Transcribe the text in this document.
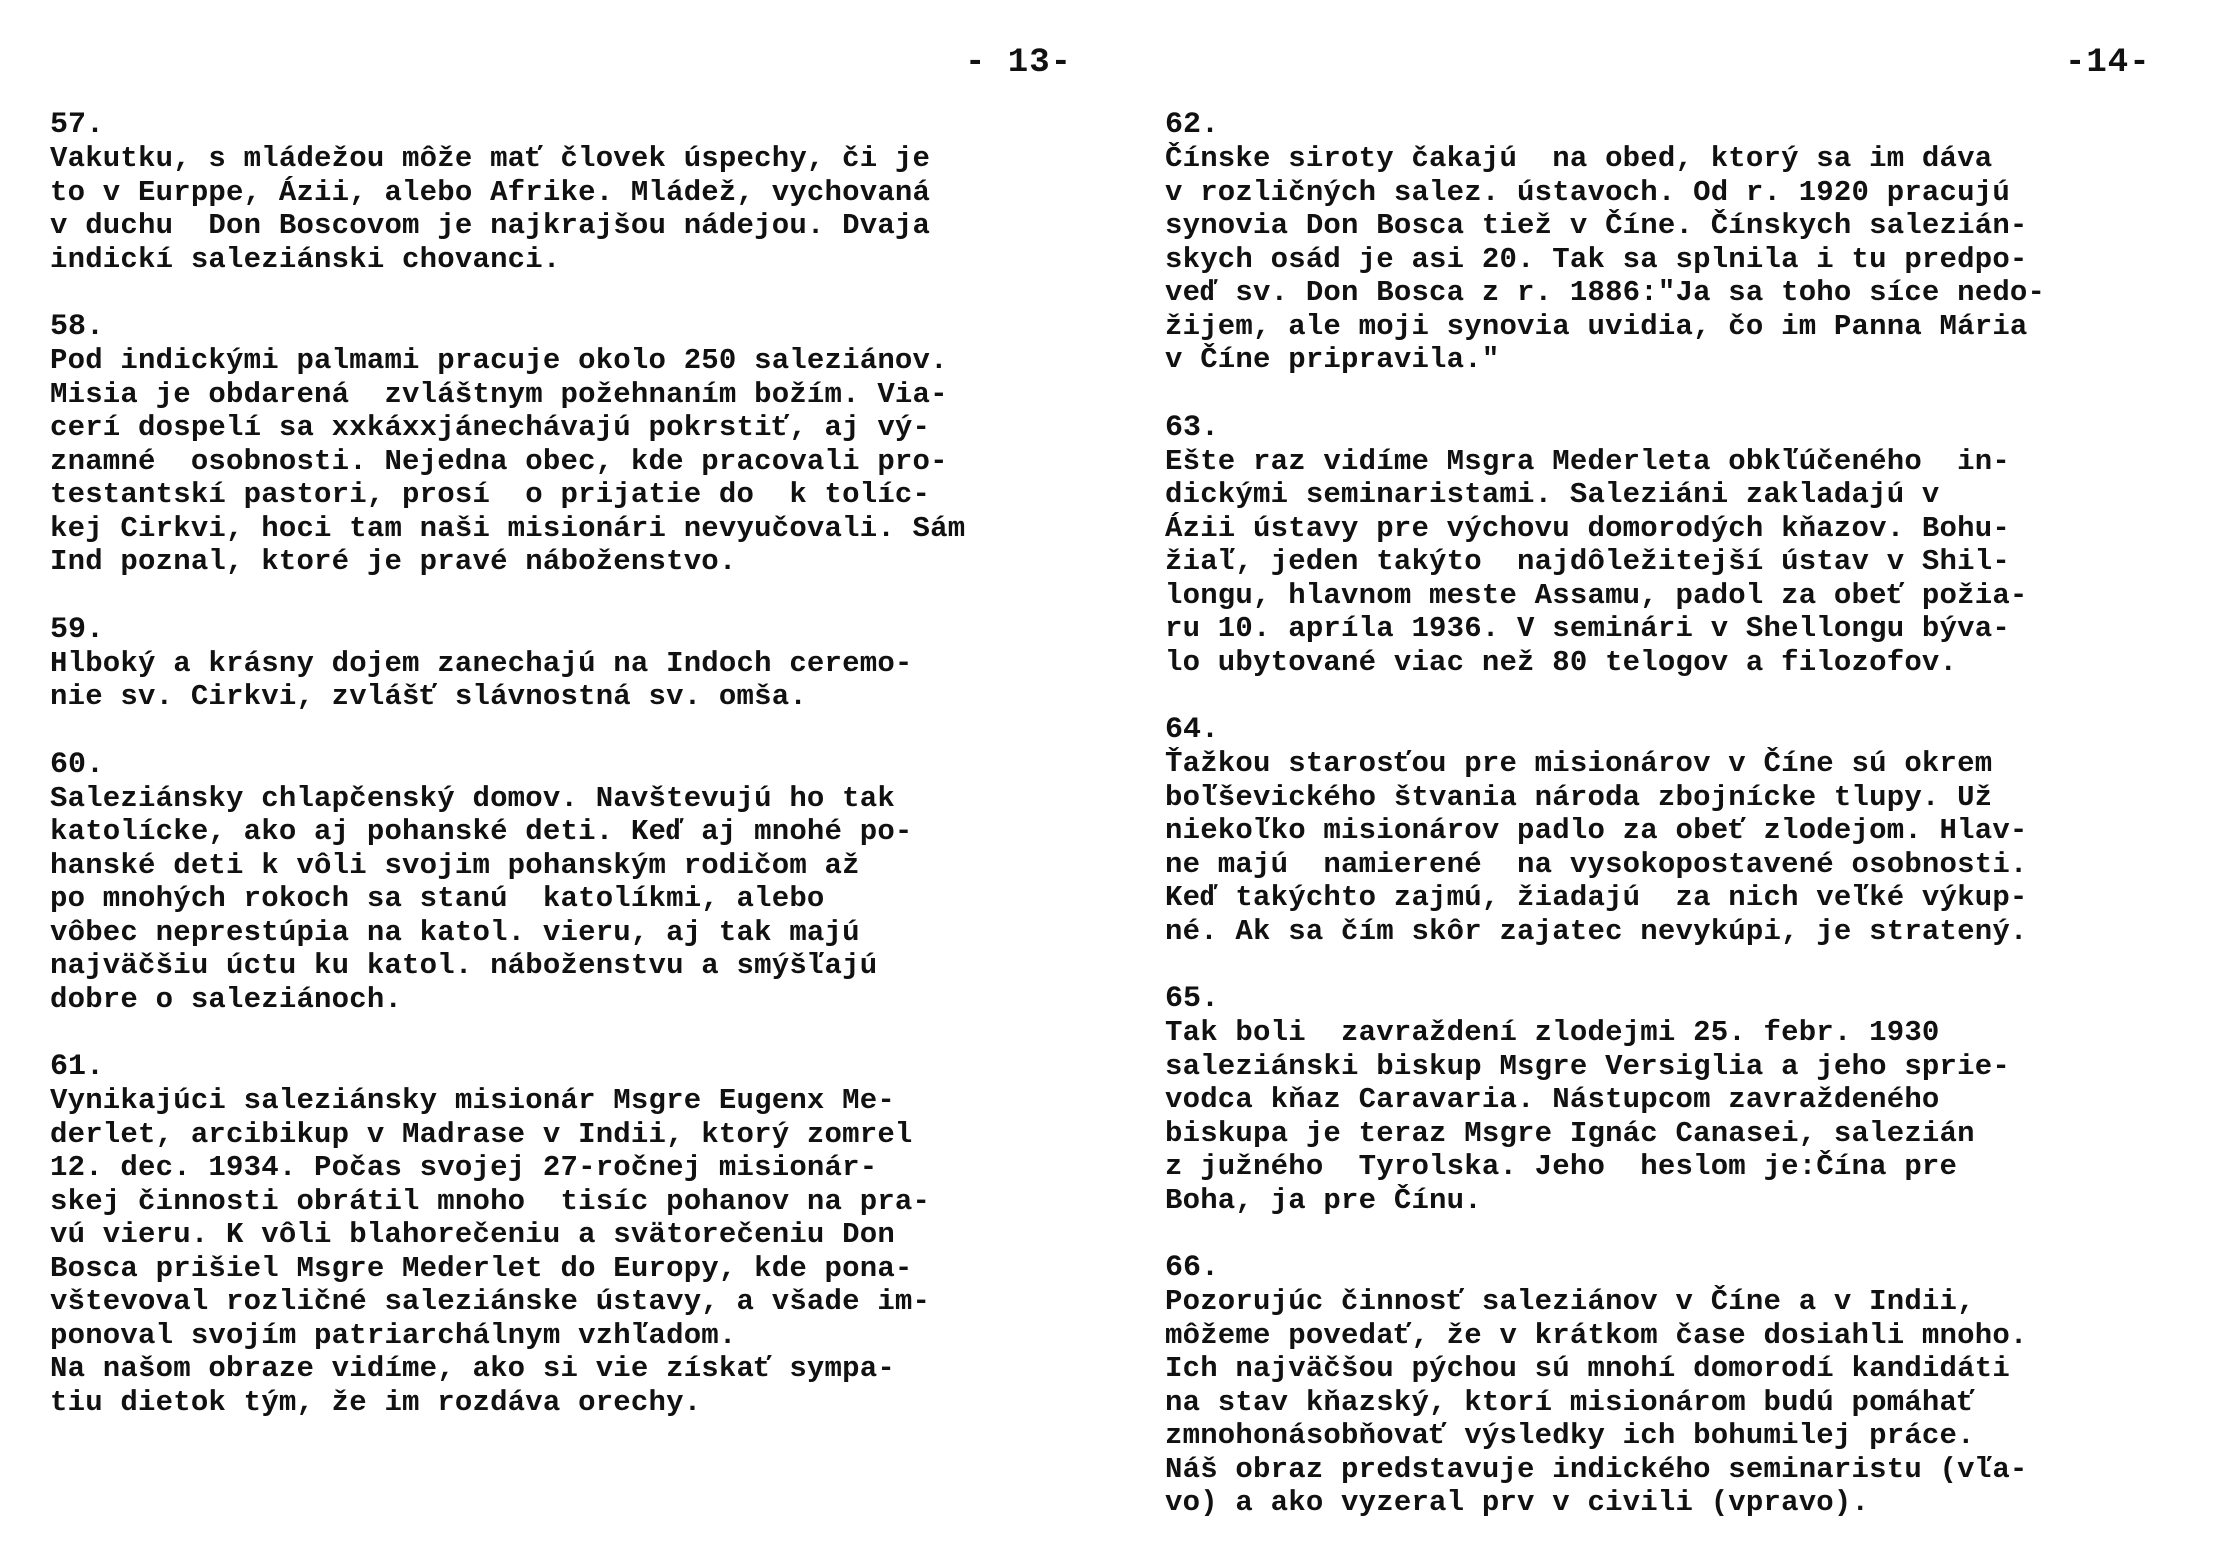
- 13-
57.
Vakutku, s mládežou môže mať človek úspechy, či je
to v Eurppe, Ázii, alebo Afrike. Mládež, vychovaná
v duchu  Don Boscovom je najkrajšou nádejou. Dvaja
indickí saleziánski chovanci.
58.
Pod indickými palmami pracuje okolo 250 saleziánov.
Misia je obdarená  zvláštnym požehnaním božím. Via-
cerí dospelí sa xxkáxxjánechávajú pokrstiť, aj vý-
znamné  osobnosti. Nejedna obec, kde pracovali pro-
testantskí pastori, prosí  o prijatie do  k tolíc-
kej Cirkvi, hoci tam naši misionári nevyučovali. Sám
Ind poznal, ktoré je pravé náboženstvo.
59.
Hlboký a krásny dojem zanechajú na Indoch ceremo-
nie sv. Cirkvi, zvlášť slávnostná sv. omša.
60.
Saleziánsky chlapčenský domov. Navštevujú ho tak
katolícke, ako aj pohanské deti. Keď aj mnohé po-
hanské deti k vôli svojim pohanským rodičom až
po mnohých rokoch sa stanú  katolíkmi, alebo
vôbec neprestúpia na katol. vieru, aj tak majú
najväčšiu úctu ku katol. náboženstvu a smýšľajú
dobre o saleziánoch.
61.
Vynikajúci saleziánsky misionár Msgre Eugenx Me-
derlet, arcibikup v Madrase v Indii, ktorý zomrel
12. dec. 1934. Počas svojej 27-ročnej misionár-
skej činnosti obrátil mnoho  tisíc pohanov na pra-
vú vieru. K vôli blahorečeniu a svätorečeniu Don
Bosca prišiel Msgre Mederlet do Europy, kde pona-
vštevoval rozličné saleziánske ústavy, a všade im-
ponoval svojím patriarchálnym vzhľadom.
Na našom obraze vidíme, ako si vie získať sympa-
tiu dietok tým, že im rozdáva orechy.
-14-
62.
Čínske siroty čakajú  na obed, ktorý sa im dáva
v rozličných salez. ústavoch. Od r. 1920 pracujú
synovia Don Bosca tiež v Číne. Čínskych salezián-
skych osád je asi 20. Tak sa splnila i tu predpo-
veď sv. Don Bosca z r. 1886:"Ja sa toho síce nedo-
žijem, ale moji synovia uvidia, čo im Panna Mária
v Číne pripravila."
63.
Ešte raz vidíme Msgra Mederleta obkľúčeného  in-
dickými seminaristami. Saleziáni zakladajú v
Ázii ústavy pre výchovu domorodých kňazov. Bohu-
žiaľ, jeden takýto  najdôležitejší ústav v Shil-
longu, hlavnom meste Assamu, padol za obeť požia-
ru 10. apríla 1936. V seminári v Shellongu býva-
lo ubytované viac než 80 telogov a filozofov.
64.
Ťažkou starosťou pre misionárov v Číne sú okrem
boľševického štvania národa zbojnícke tlupy. Už
niekoľko misionárov padlo za obeť zlodejom. Hlav-
ne majú  namierené  na vysokopostavené osobnosti.
Keď takýchto zajmú, žiadajú  za nich veľké výkup-
né. Ak sa čím skôr zajatec nevykúpi, je stratený.
65.
Tak boli  zavraždení zlodejmi 25. febr. 1930
saleziánski biskup Msgre Versiglia a jeho sprie-
vodca kňaz Caravaria. Nástupcom zavraždeného
biskupa je teraz Msgre Ignác Canasei, salezián
z južného  Tyrolska. Jeho  heslom je:Čína pre
Boha, ja pre Čínu.
66.
Pozorujúc činnosť saleziánov v Číne a v Indii,
môžeme povedať, že v krátkom čase dosiahli mnoho.
Ich najväčšou pýchou sú mnohí domorodí kandidáti
na stav kňazský, ktorí misionárom budú pomáhať
zmnohonásobňovať výsledky ich bohumilej práce.
Náš obraz predstavuje indického seminaristu (vľa-
vo) a ako vyzeral prv v civili (vpravo).
